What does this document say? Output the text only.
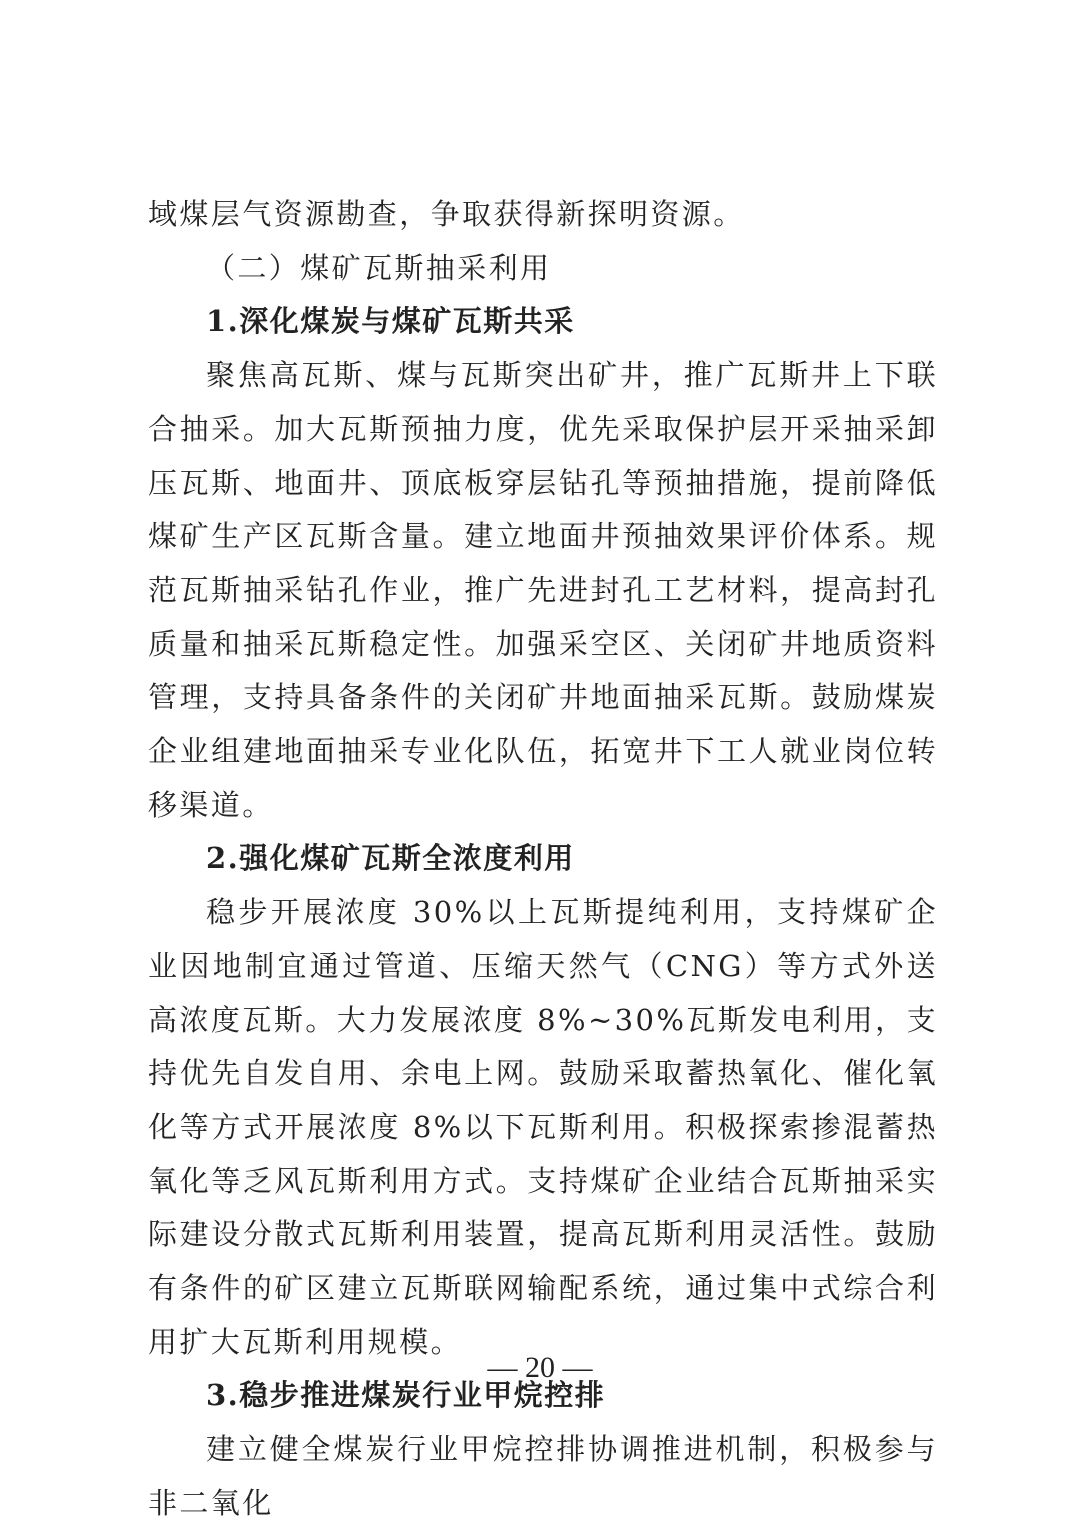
域煤层气资源勘查，争取获得新探明资源。

（二）煤矿瓦斯抽采利用

1.深化煤炭与煤矿瓦斯共采

聚焦高瓦斯、煤与瓦斯突出矿井，推广瓦斯井上下联合抽采。加大瓦斯预抽力度，优先采取保护层开采抽采卸压瓦斯、地面井、顶底板穿层钻孔等预抽措施，提前降低煤矿生产区瓦斯含量。建立地面井预抽效果评价体系。规范瓦斯抽采钻孔作业，推广先进封孔工艺材料，提高封孔质量和抽采瓦斯稳定性。加强采空区、关闭矿井地质资料管理，支持具备条件的关闭矿井地面抽采瓦斯。鼓励煤炭企业组建地面抽采专业化队伍，拓宽井下工人就业岗位转移渠道。

2.强化煤矿瓦斯全浓度利用

稳步开展浓度 30%以上瓦斯提纯利用，支持煤矿企业因地制宜通过管道、压缩天然气（CNG）等方式外送高浓度瓦斯。大力发展浓度 8%~30%瓦斯发电利用，支持优先自发自用、余电上网。鼓励采取蓄热氧化、催化氧化等方式开展浓度 8%以下瓦斯利用。积极探索掺混蓄热氧化等乏风瓦斯利用方式。支持煤矿企业结合瓦斯抽采实际建设分散式瓦斯利用装置，提高瓦斯利用灵活性。鼓励有条件的矿区建立瓦斯联网输配系统，通过集中式综合利用扩大瓦斯利用规模。

3.稳步推进煤炭行业甲烷控排

建立健全煤炭行业甲烷控排协调推进机制，积极参与非二氧化

— 20 —
